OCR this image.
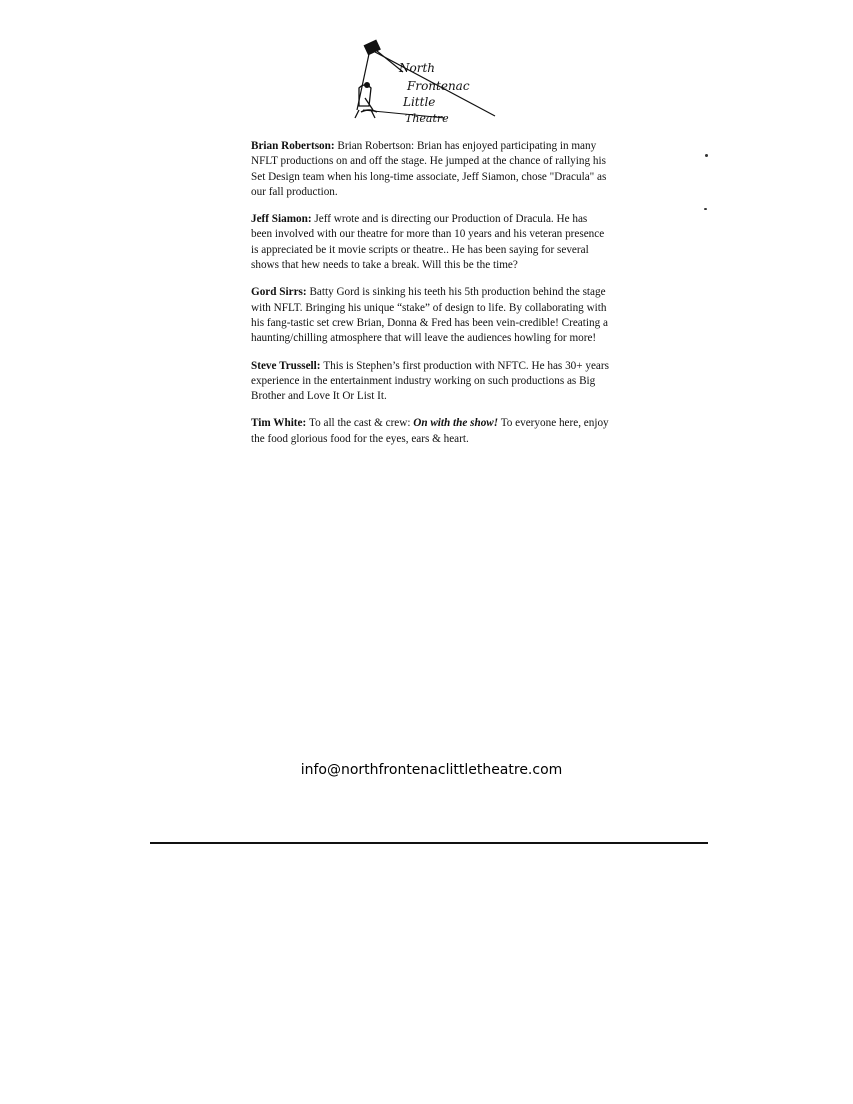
North
Frontenac
Little
Theatre

Brian Robertson: Brian Robertson: Brian has enjoyed participating in many NFLT productions on and off the stage. He jumped at the chance of rallying his Set Design team when his long-time associate, Jeff Siamon, chose "Dracula" as our fall production.

Jeff Siamon: Jeff wrote and is directing our Production of Dracula. He has been involved with our theatre for more than 10 years and his veteran presence is appreciated be it movie scripts or theatre.. He has been saying for several shows that hew needs to take a break. Will this be the time?

Gord Sirrs: Batty Gord is sinking his teeth his 5th production behind the stage with NFLT. Bringing his unique “stake” of design to life. By collaborating with his fang-tastic set crew Brian, Donna & Fred has been vein-credible! Creating a haunting/chilling atmosphere that will leave the audiences howling for more!

Steve Trussell: This is Stephen’s first production with NFTC. He has 30+ years experience in the entertainment industry working on such productions as Big Brother and Love It Or List It.

Tim White: To all the cast & crew: On with the show! To everyone here, enjoy the food glorious food for the eyes, ears & heart.

info@northfrontenaclittletheatre.com
